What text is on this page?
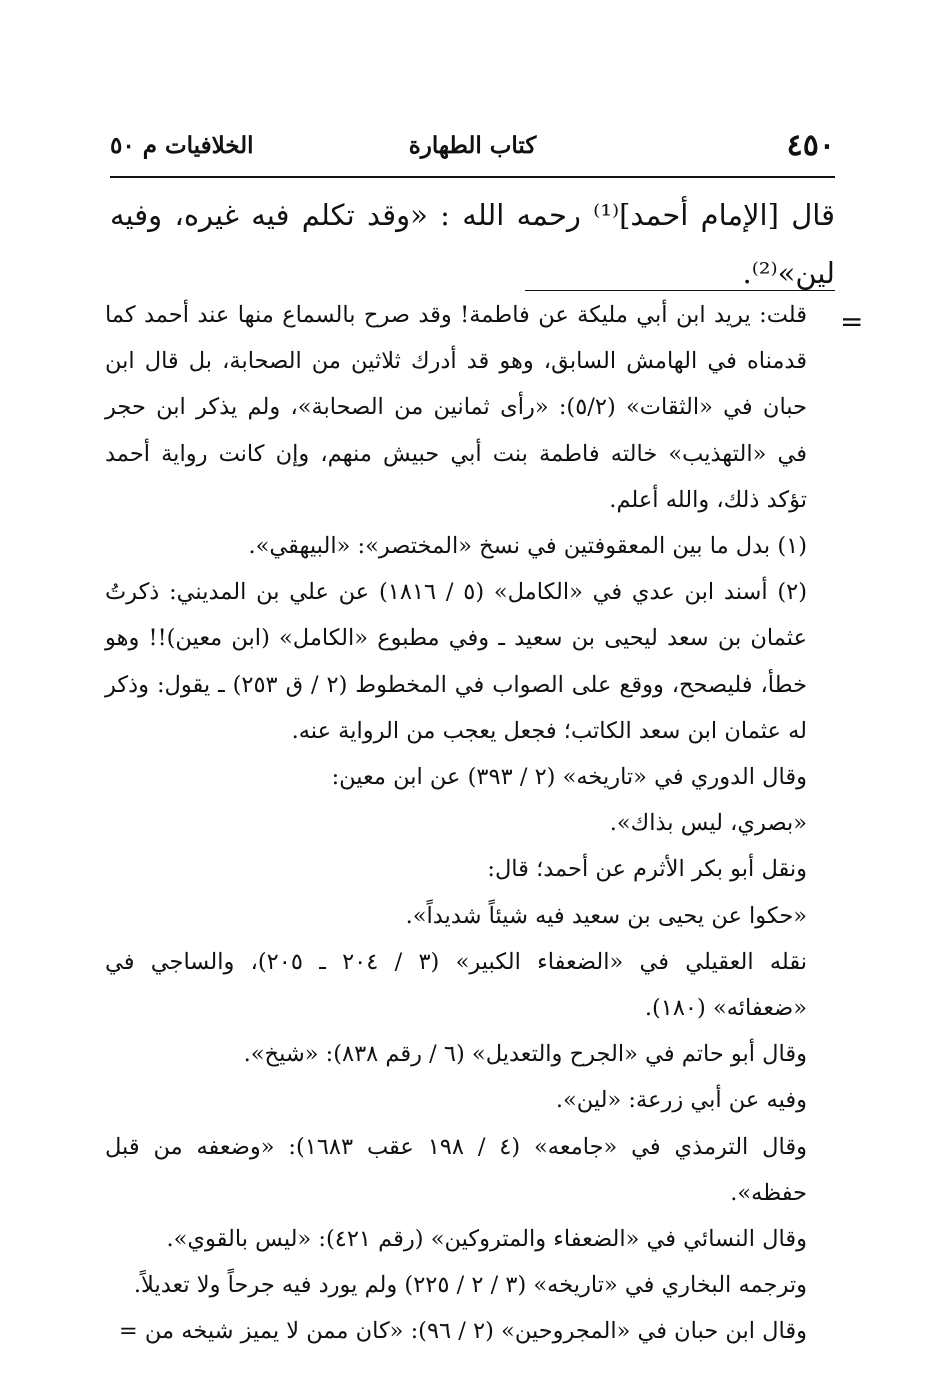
٤٥٠
كتاب الطهارة
الخلافيات م ٥٠
قال [الإمام أحمد]⁽¹⁾ رحمه الله : «وقد تكلم فيه غيره، وفيه لين»⁽²⁾.
=

قلت: يريد ابن أبي مليكة عن فاطمة! وقد صرح بالسماع منها عند أحمد كما قدمناه في الهامش السابق، وهو قد أدرك ثلاثين من الصحابة، بل قال ابن حبان في «الثقات» (٥/٢): «رأى ثمانين من الصحابة»، ولم يذكر ابن حجر في «التهذيب» خالته فاطمة بنت أبي حبيش منهم، وإن كانت رواية أحمد تؤكد ذلك، والله أعلم.

(١) بدل ما بين المعقوفتين في نسخ «المختصر»: «البيهقي».

(٢) أسند ابن عدي في «الكامل» (٥ / ١٨١٦) عن علي بن المديني: ذكرتُ عثمان بن سعد ليحيى بن سعيد ـ وفي مطبوع «الكامل» (ابن معين)!! وهو خطأ، فليصحح، ووقع على الصواب في المخطوط (٢ / ق ٢٥٣) ـ يقول: وذكر له عثمان ابن سعد الكاتب؛ فجعل يعجب من الرواية عنه.

وقال الدوري في «تاريخه» (٢ / ٣٩٣) عن ابن معين:

«بصري، ليس بذاك».

ونقل أبو بكر الأثرم عن أحمد؛ قال:

«حكوا عن يحيى بن سعيد فيه شيئاً شديداً».

نقله العقيلي في «الضعفاء الكبير» (٣ / ٢٠٤ ـ ٢٠٥)، والساجي في «ضعفائه» (١٨٠).

وقال أبو حاتم في «الجرح والتعديل» (٦ / رقم ٨٣٨): «شيخ».

وفيه عن أبي زرعة: «لين».

وقال الترمذي في «جامعه» (٤ / ١٩٨ عقب ١٦٨٣): «وضعفه من قبل حفظه».

وقال النسائي في «الضعفاء والمتروكين» (رقم ٤٢١): «ليس بالقوي».

وترجمه البخاري في «تاريخه» (٣ / ٢ / ٢٢٥) ولم يورد فيه جرحاً ولا تعديلاً.

وقال ابن حبان في «المجروحين» (٢ / ٩٦): «كان ممن لا يميز شيخه من =
